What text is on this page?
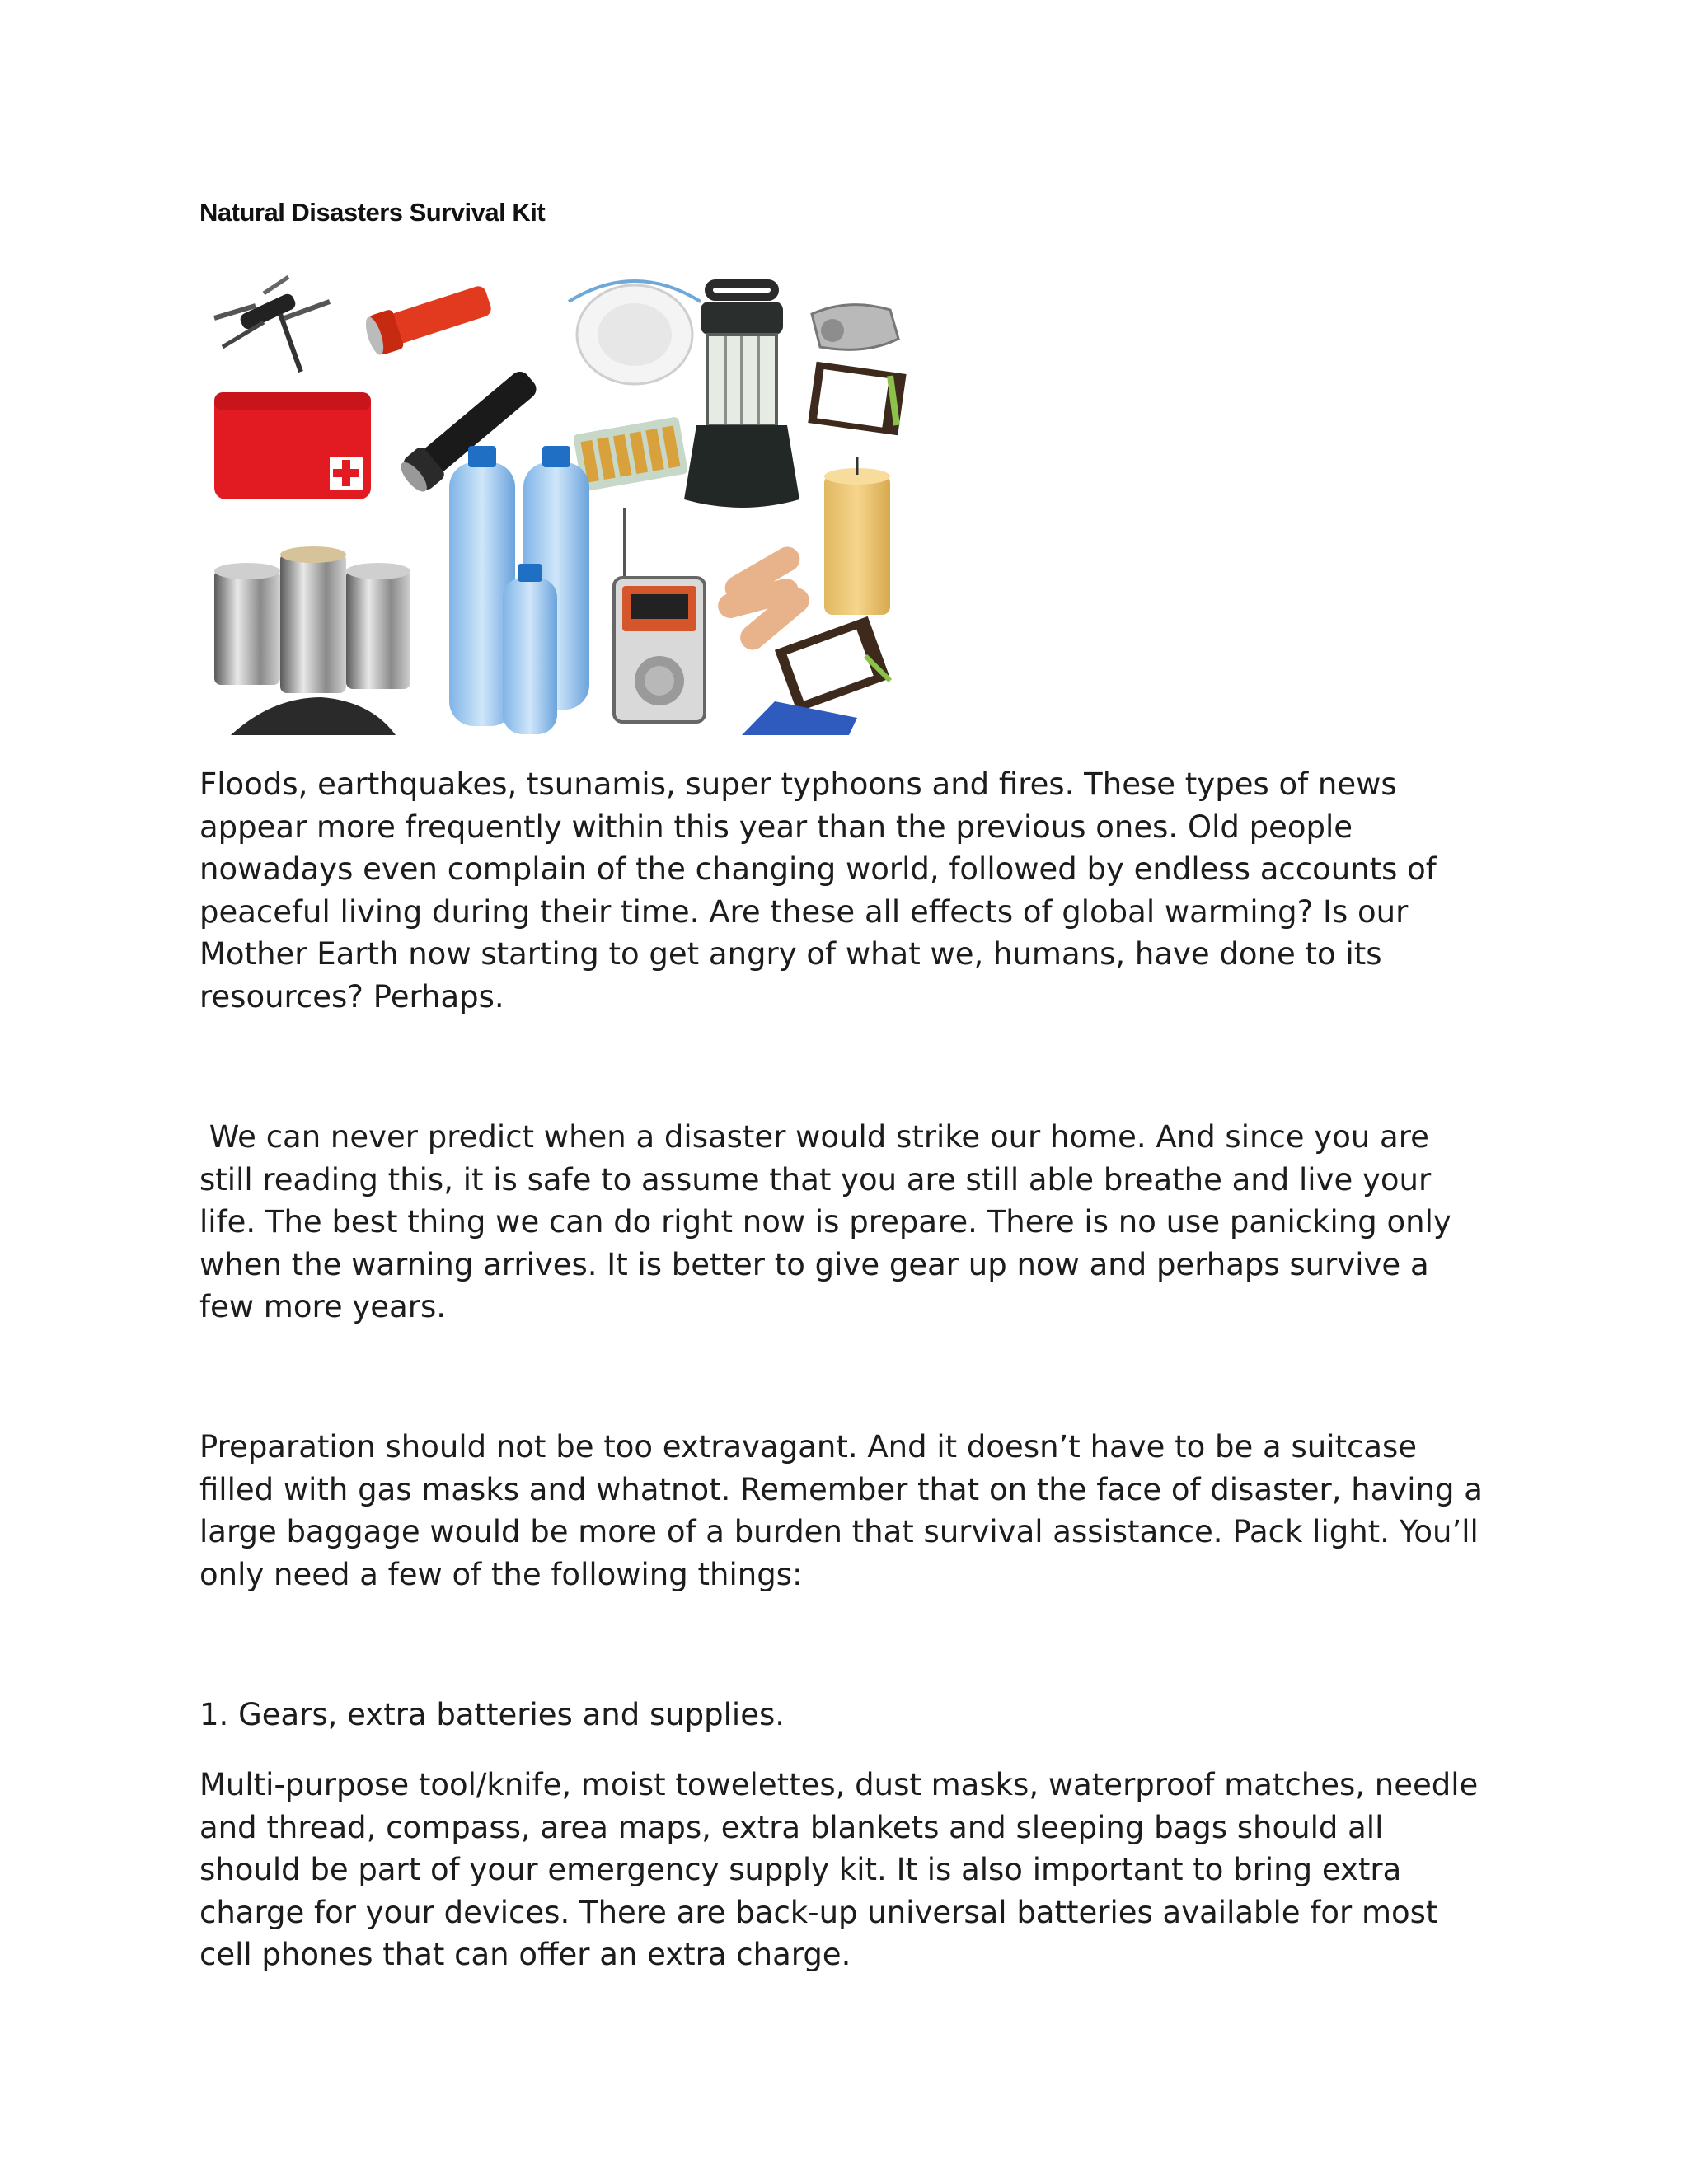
Natural Disasters Survival Kit

Floods, earthquakes, tsunamis, super typhoons and fires. These types of news
appear more frequently within this year than the previous ones. Old people
nowadays even complain of the changing world, followed by endless accounts of
peaceful living during their time. Are these all effects of global warming? Is our
Mother Earth now starting to get angry of what we, humans, have done to its
resources? Perhaps.

We can never predict when a disaster would strike our home. And since you are
still reading this, it is safe to assume that you are still able breathe and live your
life. The best thing we can do right now is prepare. There is no use panicking only
when the warning arrives. It is better to give gear up now and perhaps survive a
few more years.

Preparation should not be too extravagant. And it doesn’t have to be a suitcase
filled with gas masks and whatnot. Remember that on the face of disaster, having a
large baggage would be more of a burden that survival assistance. Pack light. You’ll
only need a few of the following things:

1. Gears, extra batteries and supplies.

Multi-purpose tool/knife, moist towelettes, dust masks, waterproof matches, needle
and thread, compass, area maps, extra blankets and sleeping bags should all
should be part of your emergency supply kit. It is also important to bring extra
charge for your devices. There are back-up universal batteries available for most
cell phones that can offer an extra charge.
